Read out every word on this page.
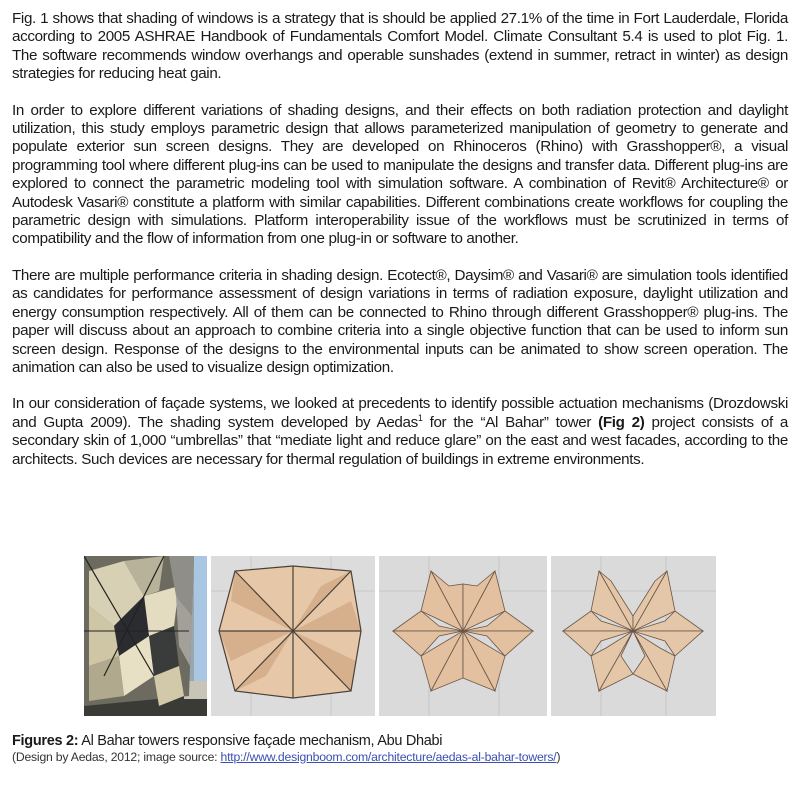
Fig. 1 shows that shading of windows is a strategy that is should be applied 27.1% of the time in Fort Lauderdale, Florida according to 2005 ASHRAE Handbook of Fundamentals Comfort Model. Climate Consultant 5.4 is used to plot Fig. 1. The software recommends window overhangs and operable sunshades (extend in summer, retract in winter) as design strategies for reducing heat gain.

In order to explore different variations of shading designs, and their effects on both radiation protection and daylight utilization, this study employs parametric design that allows parameterized manipulation of geometry to generate and populate exterior sun screen designs. They are developed on Rhinoceros (Rhino) with Grasshopper®, a visual programming tool where different plug-ins can be used to manipulate the designs and transfer data. Different plug-ins are explored to connect the parametric modeling tool with simulation software. A combination of Revit® Architecture® or Autodesk Vasari® constitute a platform with similar capabilities. Different combinations create workflows for coupling the parametric design with simulations. Platform interoperability issue of the workflows must be scrutinized in terms of compatibility and the flow of information from one plug-in or software to another.

There are multiple performance criteria in shading design. Ecotect®, Daysim® and Vasari® are simulation tools identified as candidates for performance assessment of design variations in terms of radiation exposure, daylight utilization and energy consumption respectively. All of them can be connected to Rhino through different Grasshopper® plug-ins. The paper will discuss about an approach to combine criteria into a single objective function that can be used to inform sun screen design. Response of the designs to the environmental inputs can be animated to show screen operation. The animation can also be used to visualize design optimization.

In our consideration of façade systems, we looked at precedents to identify possible actuation mechanisms (Drozdowski and Gupta 2009). The shading system developed by Aedas$^1$ for the “Al Bahar” tower (Fig 2) project consists of a secondary skin of 1,000 “umbrellas” that “mediate light and reduce glare” on the east and west facades, according to the architects. Such devices are necessary for thermal regulation of buildings in extreme environments.

Figures 2: Al Bahar towers responsive façade mechanism, Abu Dhabi
(Design by Aedas, 2012; image source: http://www.designboom.com/architecture/aedas-al-bahar-towers/)
